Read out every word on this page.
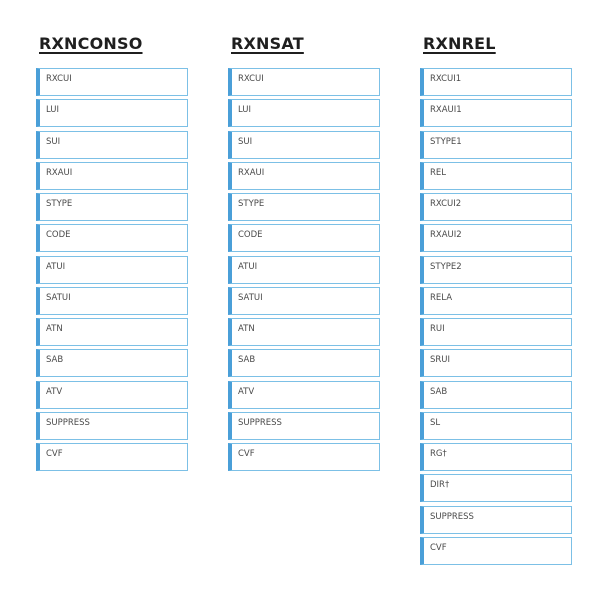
RXNCONSO
RXCUI
LUI
SUI
RXAUI
STYPE
CODE
ATUI
SATUI
ATN
SAB
ATV
SUPPRESS
CVF
RXNSAT
RXCUI
LUI
SUI
RXAUI
STYPE
CODE
ATUI
SATUI
ATN
SAB
ATV
SUPPRESS
CVF
RXNREL
RXCUI1
RXAUI1
STYPE1
REL
RXCUI2
RXAUI2
STYPE2
RELA
RUI
SRUI
SAB
SL
RG†
DIR†
SUPPRESS
CVF
